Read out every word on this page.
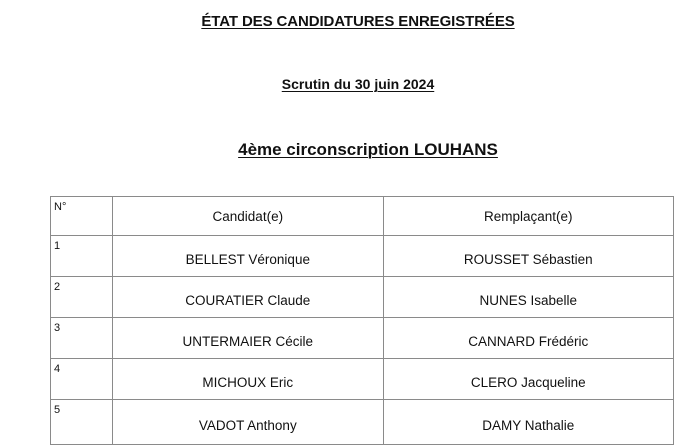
ÉTAT DES CANDIDATURES ENREGISTRÉES
Scrutin du 30 juin 2024
4ème circonscription LOUHANS
N°	Candidat(e)	Remplaçant(e)
1	BELLEST Véronique	ROUSSET Sébastien
2	COURATIER Claude	NUNES Isabelle
3	UNTERMAIER Cécile	CANNARD Frédéric
4	MICHOUX Eric	CLERO Jacqueline
5	VADOT Anthony	DAMY Nathalie
